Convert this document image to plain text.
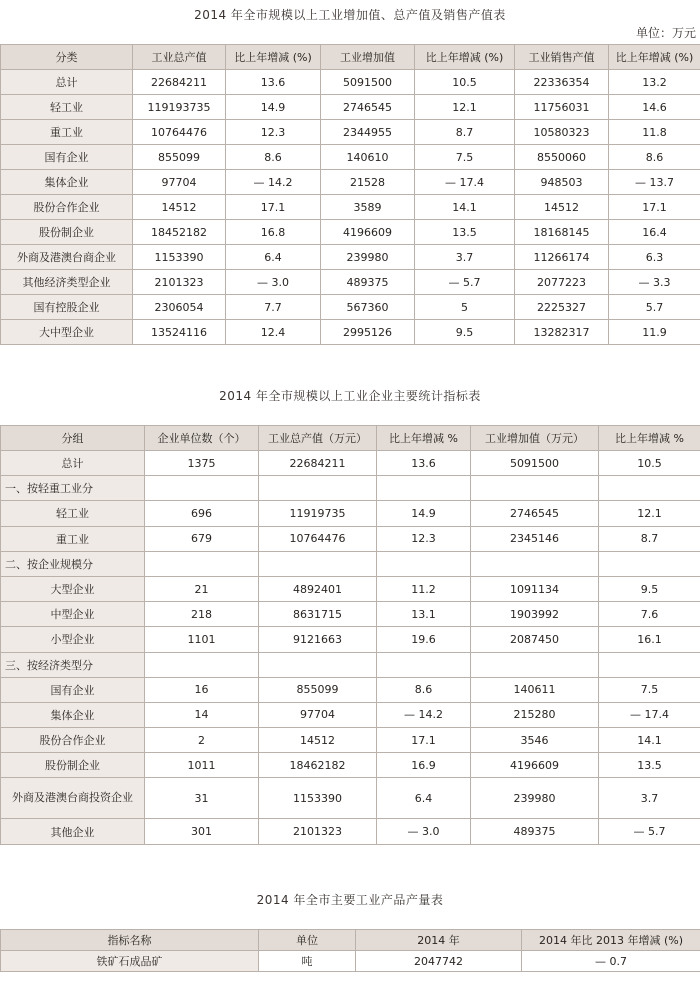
2014 年全市规模以上工业增加值、总产值及销售产值表
单位：万元
分类	工业总产值	比上年增减 (%)	工业增加值	比上年增减 (%)	工业销售产值	比上年增减 (%)
总计	22684211	13.6	5091500	10.5	22336354	13.2
轻工业	119193735	14.9	2746545	12.1	11756031	14.6
重工业	10764476	12.3	2344955	8.7	10580323	11.8
国有企业	855099	8.6	140610	7.5	8550060	8.6
集体企业	97704	— 14.2	21528	— 17.4	948503	— 13.7
股份合作企业	14512	17.1	3589	14.1	14512	17.1
股份制企业	18452182	16.8	4196609	13.5	18168145	16.4
外商及港澳台商企业	1153390	6.4	239980	3.7	11266174	6.3
其他经济类型企业	2101323	— 3.0	489375	— 5.7	2077223	— 3.3
国有控股企业	2306054	7.7	567360	5	2225327	5.7
大中型企业	13524116	12.4	2995126	9.5	13282317	11.9
2014 年全市规模以上工业企业主要统计指标表
分组	企业单位数（个）	工业总产值（万元）	比上年增减 %	工业增加值（万元）	比上年增减 %
总计	1375	22684211	13.6	5091500	10.5
一、按轻重工业分					
轻工业	696	11919735	14.9	2746545	12.1
重工业	679	10764476	12.3	2345146	8.7
二、按企业规模分					
大型企业	21	4892401	11.2	1091134	9.5
中型企业	218	8631715	13.1	1903992	7.6
小型企业	1101	9121663	19.6	2087450	16.1
三、按经济类型分					
国有企业	16	855099	8.6	140611	7.5
集体企业	14	97704	— 14.2	215280	— 17.4
股份合作企业	2	14512	17.1	3546	14.1
股份制企业	1011	18462182	16.9	4196609	13.5
外商及港澳台商投资企业	31	1153390	6.4	239980	3.7
其他企业	301	2101323	— 3.0	489375	— 5.7
2014 年全市主要工业产品产量表
指标名称	单位	2014 年	2014 年比 2013 年增减 (%)
铁矿石成品矿	吨	2047742	— 0.7
